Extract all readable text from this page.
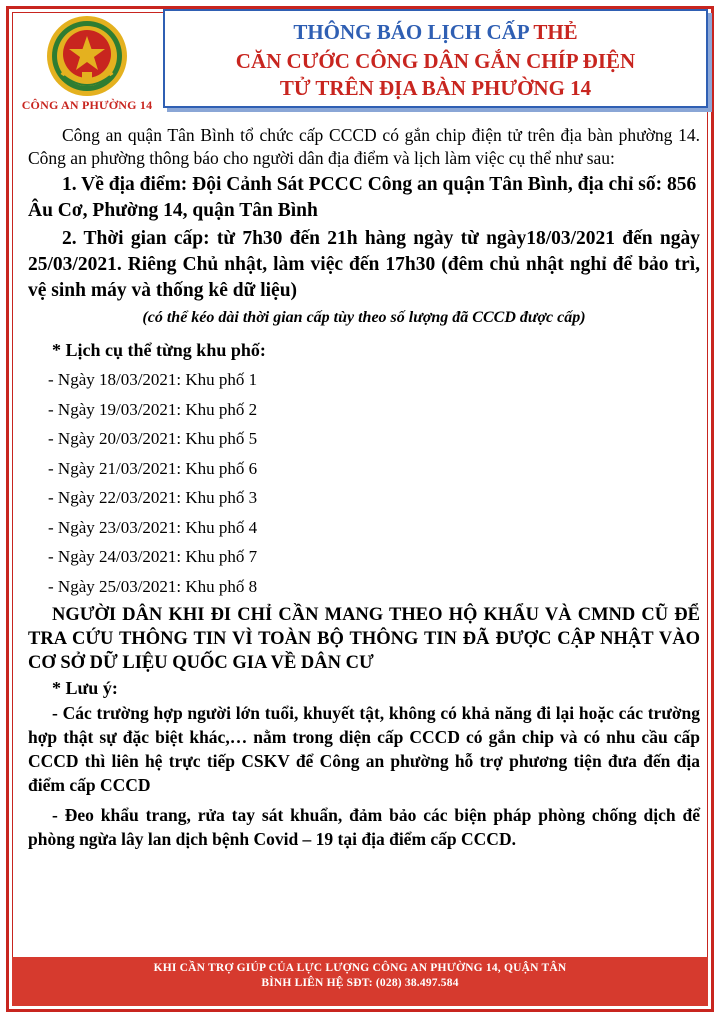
CÔNG AN PHƯỜNG 14
THÔNG BÁO LỊCH CẤP THẺ
CĂN CƯỚC CÔNG DÂN GẮN CHÍP ĐIỆN
TỬ TRÊN ĐỊA BÀN PHƯỜNG 14
Công an quận Tân Bình tổ chức cấp CCCD có gắn chip điện tử trên địa bàn phường 14. Công an phường thông báo cho người dân địa điểm và lịch làm việc cụ thể như sau:
1. Về địa điểm: Đội Cảnh Sát PCCC Công an quận Tân Bình, địa chỉ số: 856 Âu Cơ, Phường 14, quận Tân Bình
2. Thời gian cấp: từ 7h30 đến 21h hàng ngày từ ngày18/03/2021 đến ngày 25/03/2021. Riêng Chủ nhật, làm việc đến 17h30 (đêm chủ nhật nghỉ để bảo trì, vệ sinh máy và thống kê dữ liệu)
(có thể kéo dài thời gian cấp tùy theo số lượng đã CCCD được cấp)
* Lịch cụ thể từng khu phố:
- Ngày 18/03/2021: Khu phố 1
- Ngày 19/03/2021: Khu phố 2
- Ngày 20/03/2021: Khu phố 5
- Ngày 21/03/2021: Khu phố 6
- Ngày 22/03/2021: Khu phố 3
- Ngày 23/03/2021: Khu phố 4
- Ngày 24/03/2021: Khu phố 7
- Ngày 25/03/2021: Khu phố 8
NGƯỜI DÂN KHI ĐI CHỈ CẦN MANG THEO HỘ KHẨU VÀ CMND CŨ ĐỂ TRA CỨU THÔNG TIN VÌ TOÀN BỘ THÔNG TIN ĐÃ ĐƯỢC CẬP NHẬT VÀO CƠ SỞ DỮ LIỆU QUỐC GIA VỀ DÂN CƯ
* Lưu ý:
- Các trường hợp người lớn tuổi, khuyết tật, không có khả năng đi lại hoặc các trường hợp thật sự đặc biệt khác,… nằm trong diện cấp CCCD có gắn chip và có nhu cầu cấp CCCD thì liên hệ trực tiếp CSKV để Công an phường hỗ trợ phương tiện đưa đến địa điểm cấp CCCD
- Đeo khẩu trang, rửa tay sát khuẩn, đảm bảo các biện pháp phòng chống dịch để phòng ngừa lây lan dịch bệnh Covid – 19 tại địa điểm cấp CCCD.
KHI CẦN TRỢ GIÚP CỦA LỰC LƯỢNG CÔNG AN PHƯỜNG 14, QUẬN TÂN
BÌNH LIÊN HỆ SĐT: (028) 38.497.584
